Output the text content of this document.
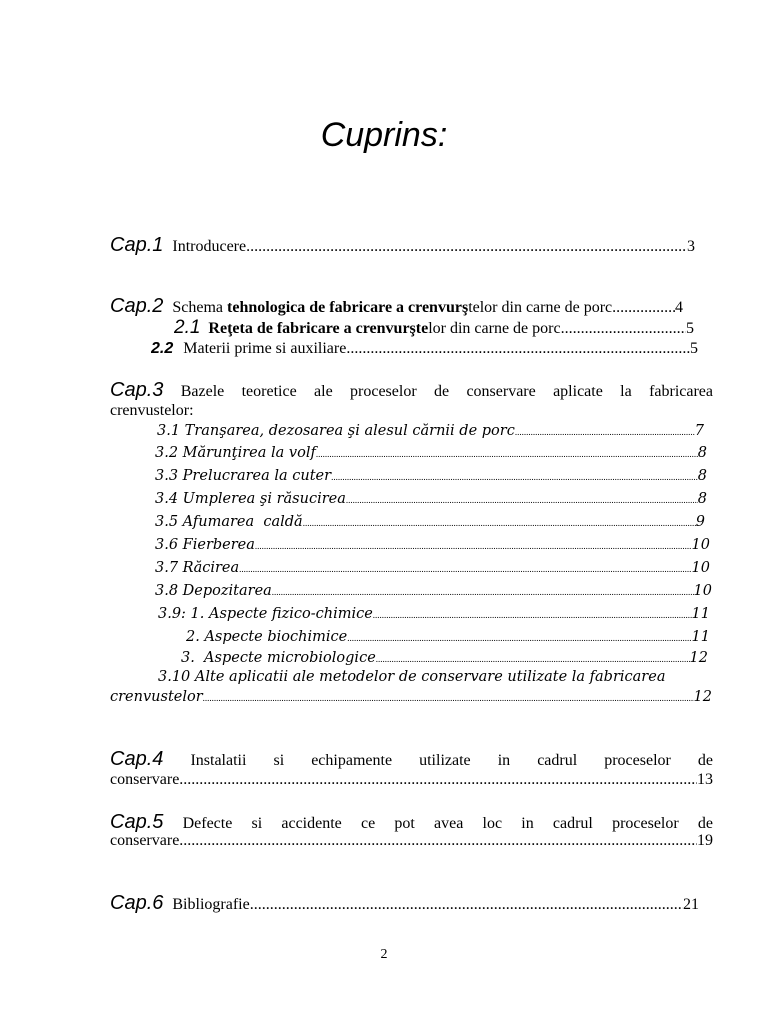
Cuprins:
Cap.1 Introducere .....	3
Cap.2 Schema tehnologica de fabricare a crenvurş telor din carne de porc .....	4
2.1 Reţeta de fabricare a crenvurşte lor din carne de porc .....	5
2.2 Materii prime si auxiliare .....	5
Cap.3 Bazele teoretice ale proceselor de conservare aplicate la fabricarea
crenvustelor:
3.1 Tranşarea, dezosarea şi alesul cărnii de porc .....	7
3.2 Mărunţirea la volf .....	8
3.3 Prelucrarea la cuter .....	8
3.4 Umplerea şi răsucirea .....	8
3.5 Afumarea  caldă .....	9
3.6 Fierberea .....	10
3.7 Răcirea .....	10
3.8 Depozitarea .....	10
3.9: 1. Aspecte fizico-chimice .....	11
2. Aspecte biochimice .....	11
3.  Aspecte microbiologice .....	12
3.10 Alte aplicatii ale metodelor de conservare utilizate la fabricarea
crenvustelor .....	12
Cap.4 Instalatii si echipamente utilizate in cadrul proceselor de
conservare .....	13
Cap.5 Defecte si accidente ce pot avea loc in cadrul proceselor de
conservare .....	19
Cap.6 Bibliografie .....	21
2
